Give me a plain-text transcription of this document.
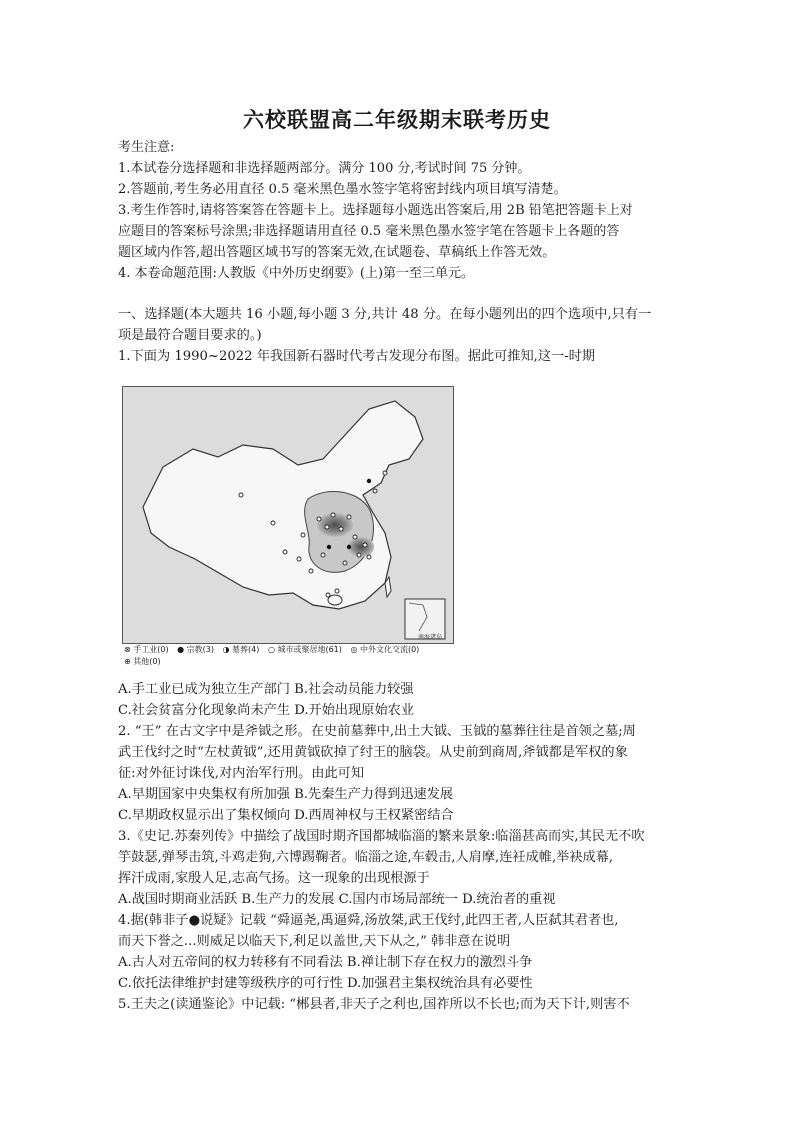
六校联盟高二年级期末联考历史
考生注意:
1.本试卷分选择题和非选择题两部分。满分 100 分,考试时间 75 分钟。
2.答题前,考生务必用直径 0.5 毫米黑色墨水签字笔将密封线内项目填写清楚。
3.考生作答时,请将答案答在答题卡上。选择题每小题选出答案后,用 2B 铅笔把答题卡上对
应题目的答案标号涂黑;非选择题请用直径 0.5 毫米黑色墨水签字笔在答题卡上各题的答
题区域内作答,超出答题区域书写的答案无效,在试题卷、草稿纸上作答无效。
4. 本卷命题范围:人教版《中外历史纲要》(上)第一至三单元。
一、选择题(本大题共 16 小题,每小题 3 分,共计 48 分。在每小题列出的四个选项中,只有一
项是最符合题目要求的。)
1.下面为 1990~2022 年我国新石器时代考古发现分布图。据此可推知,这一-时期
⊗ 手工业(0) ● 宗教(3) ◑ 墓葬(4) ○ 城市或聚居地(61) ◎ 中外文化交流(0)
⊕ 其他(0)
南海诸岛
A.手工业已成为独立生产部门 B.社会动员能力较强
C.社会贫富分化现象尚未产生 D.开始出现原始农业
2. “王” 在古文字中是斧钺之形。在史前墓葬中,出土大钺、玉钺的墓葬往往是首领之墓;周
武王伐纣之时“左杖黄钺”,还用黄钺砍掉了纣王的脑袋。从史前到商周,斧钺都是军权的象
征:对外征讨诛伐,对内治军行刑。由此可知
A.早期国家中央集权有所加强 B.先秦生产力得到迅速发展
C.早期政权显示出了集权倾向 D.西周神权与王权紧密结合
3.《史记.苏秦列传》中描绘了战国时期齐国都城临淄的繁来景象:临淄甚高而实,其民无不吹
竽鼓瑟,弹琴击筑,斗鸡走狗,六博踢鞠者。临淄之途,车毂击,人肩摩,连衽成帷,举袂成幕,
挥汗成雨,家殷人足,志高气扬。这一现象的出现根源于
A.战国时期商业活跃 B.生产力的发展 C.国内市场局部统一 D.统治者的重视
4.据(韩非子●说疑》记载 “舜逼尧,禹逼舜,汤放桀,武王伐纣,此四王者,人臣弑其君者也,
而天下誉之...则威足以临天下,利足以盖世,天下从之,” 韩非意在说明
A.古人对五帝间的权力转移有不同看法 B.禅让制下存在权力的激烈斗争
C.依托法律维护封建等级秩序的可行性 D.加强君主集权统治具有必要性
5.王夫之(读通鉴论》中记载: “郴县者,非天子之利也,国祚所以不长也;而为天下计,则害不
